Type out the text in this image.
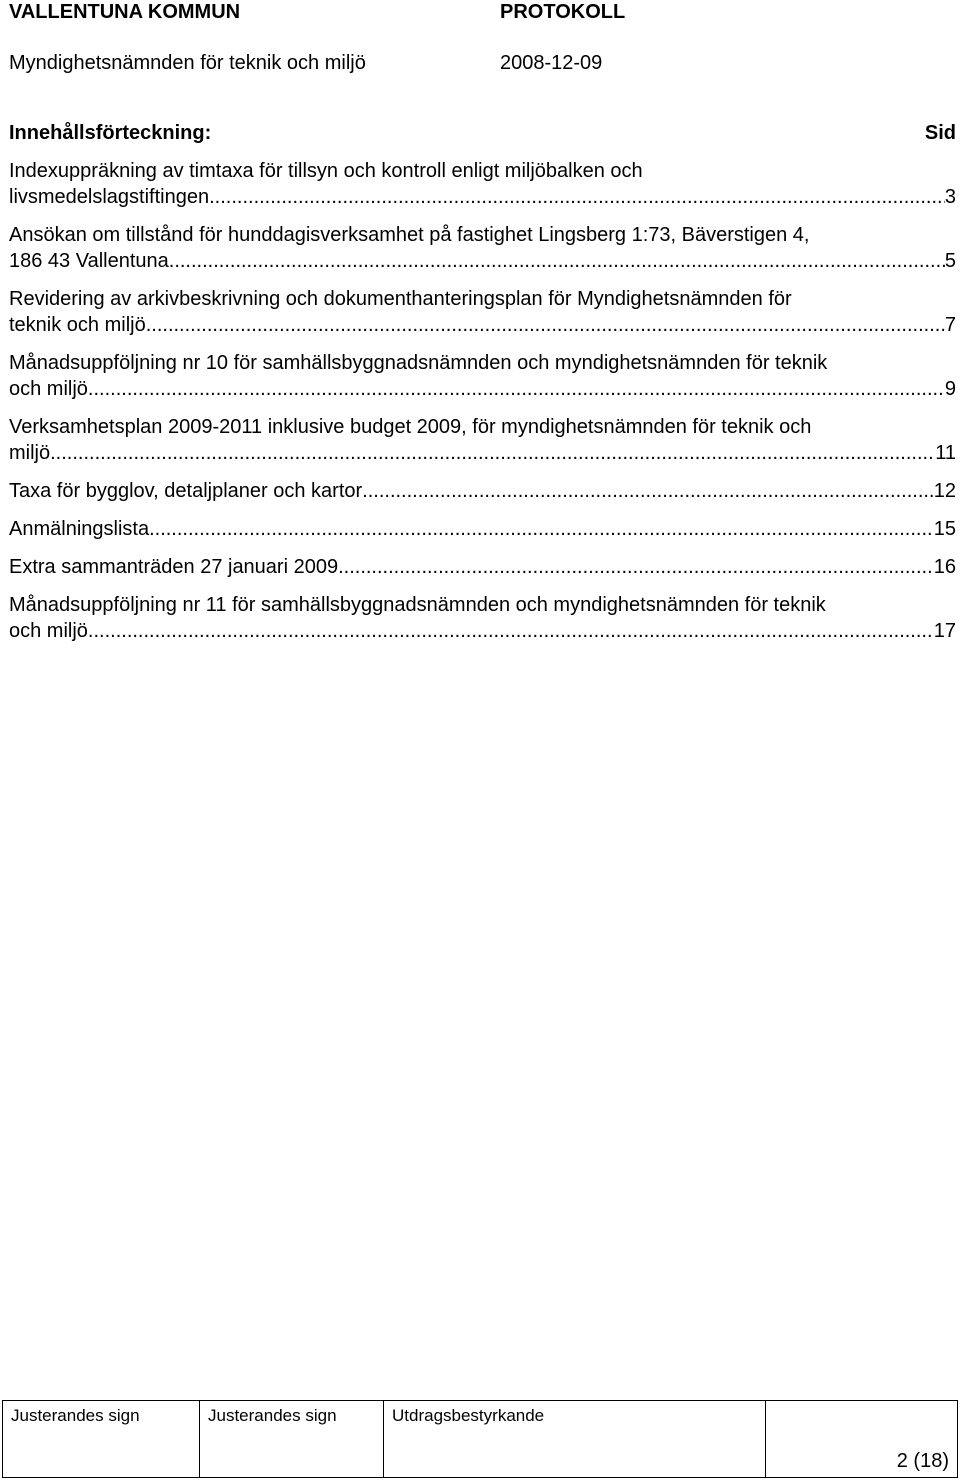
VALLENTUNA KOMMUN	PROTOKOLL
Myndighetsnämnden för teknik och miljö	2008-12-09
Innehållsförteckning:	Sid
Indexuppräkning av timtaxa för tillsyn och kontroll enligt miljöbalken och
livsmedelslagstiftingen .....	3
Ansökan om tillstånd för hunddagisverksamhet på fastighet Lingsberg 1:73, Bäverstigen 4,
186 43 Vallentuna .....	5
Revidering av arkivbeskrivning och dokumenthanteringsplan för Myndighetsnämnden för
teknik och miljö .....	7
Månadsuppföljning nr 10 för samhällsbyggnadsnämnden och myndighetsnämnden för teknik
och miljö .....	9
Verksamhetsplan 2009-2011 inklusive budget 2009, för myndighetsnämnden för teknik och
miljö .....	11
Taxa för bygglov, detaljplaner och kartor .....	12
Anmälningslista .....	15
Extra sammanträden 27 januari 2009 .....	16
Månadsuppföljning nr 11 för samhällsbyggnadsnämnden och myndighetsnämnden för teknik
och miljö .....	17
Justerandes sign	Justerandes sign	Utdragsbestyrkande
2 (18)
